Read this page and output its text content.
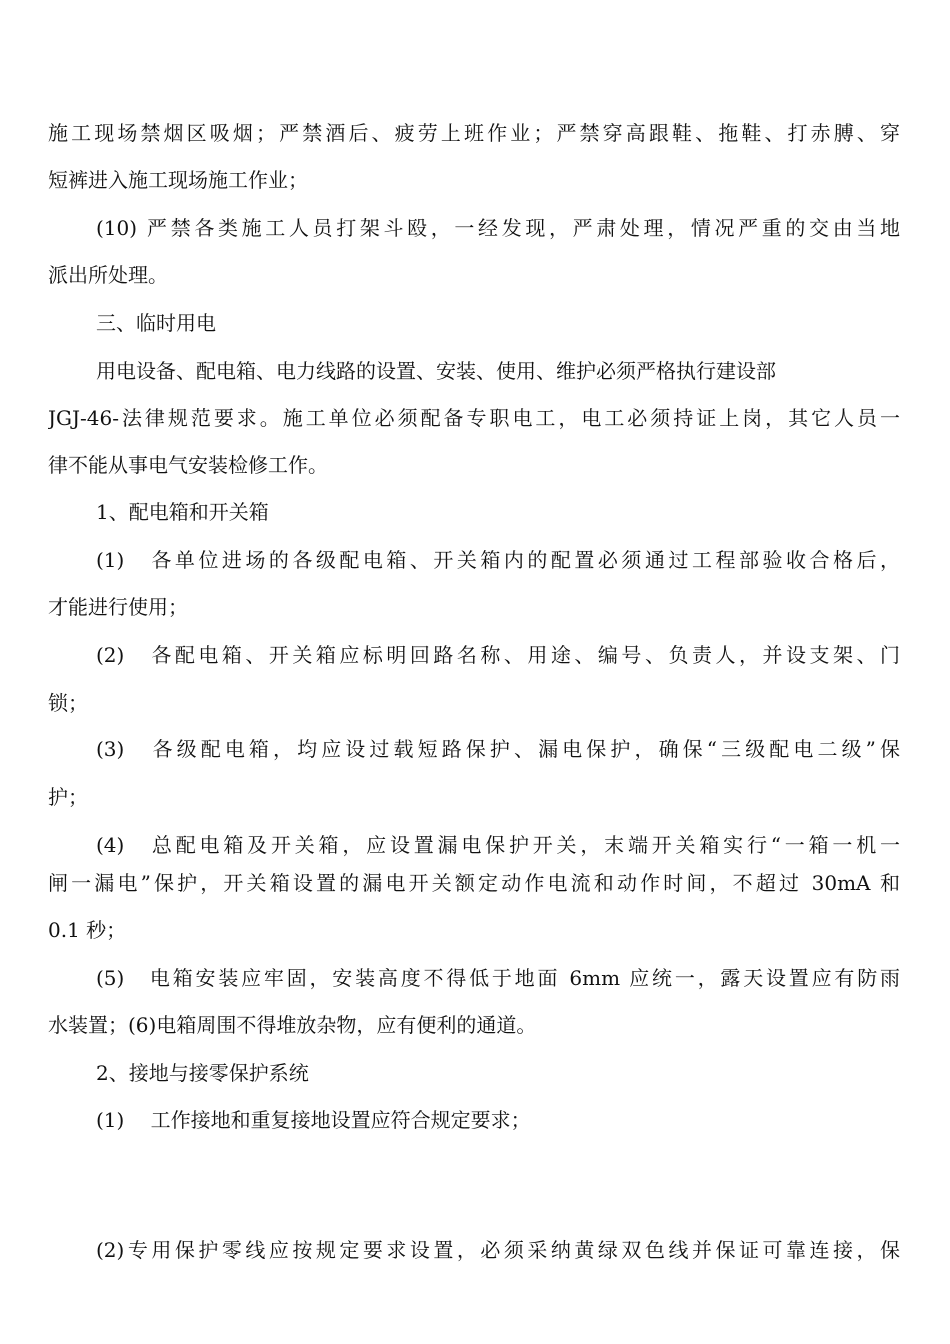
施工现场禁烟区吸烟；严禁酒后、疲劳上班作业；严禁穿高跟鞋、拖鞋、打赤膊、穿
短裤进入施工现场施工作业；
(10) 严禁各类施工人员打架斗殴，一经发现，严肃处理，情况严重的交由当地
派出所处理。
三、临时用电
用电设备、配电箱、电力线路的设置、安装、使用、维护必须严格执行建设部
JGJ-46-法律规范要求。施工单位必须配备专职电工，电工必须持证上岗，其它人员一
律不能从事电气安装检修工作。
1、配电箱和开关箱
(1)　各单位进场的各级配电箱、开关箱内的配置必须通过工程部验收合格后，
才能进行使用；
(2)　各配电箱、开关箱应标明回路名称、用途、编号、负责人，并设支架、门
锁；
(3)　各级配电箱，均应设过载短路保护、漏电保护，确保“三级配电二级”保
护；
(4)　总配电箱及开关箱，应设置漏电保护开关，末端开关箱实行“一箱一机一
闸一漏电”保护，开关箱设置的漏电开关额定动作电流和动作时间，不超过 30mA 和
0.1 秒；
(5)　电箱安装应牢固，安装高度不得低于地面 6mm 应统一，露天设置应有防雨
水装置；(6)电箱周围不得堆放杂物，应有便利的通道。
2、接地与接零保护系统
(1)　 工作接地和重复接地设置应符合规定要求；
(2)专用保护零线应按规定要求设置，必须采纳黄绿双色线并保证可靠连接，保
